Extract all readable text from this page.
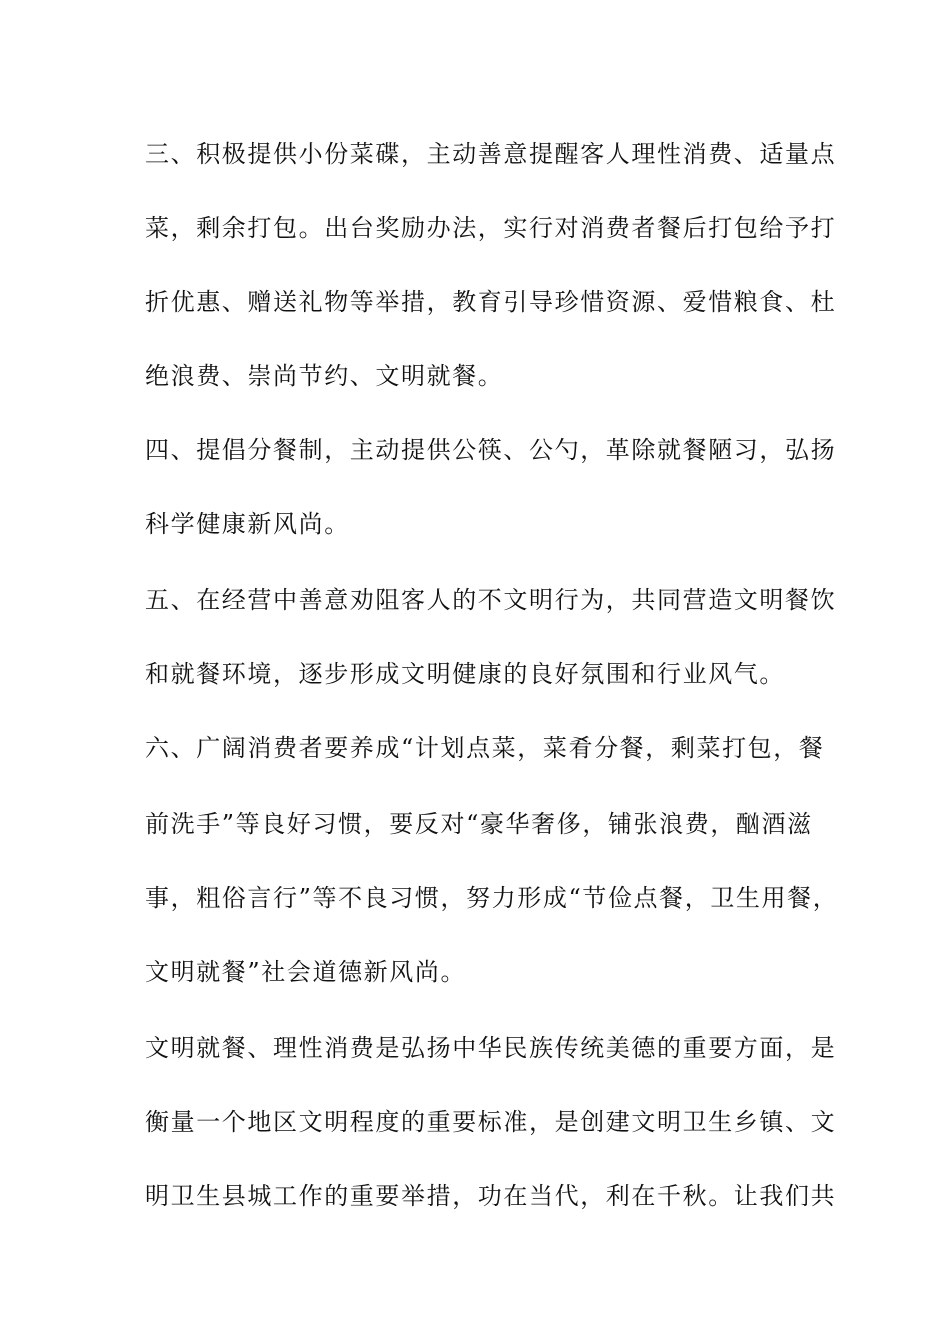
三、积极提供小份菜碟，主动善意提醒客人理性消费、适量点

菜，剩余打包。出台奖励办法，实行对消费者餐后打包给予打

折优惠、赠送礼物等举措，教育引导珍惜资源、爱惜粮食、杜

绝浪费、崇尚节约、文明就餐。

四、提倡分餐制，主动提供公筷、公勺，革除就餐陋习，弘扬

科学健康新风尚。

五、在经营中善意劝阻客人的不文明行为，共同营造文明餐饮

和就餐环境，逐步形成文明健康的良好氛围和行业风气。

六、广阔消费者要养成“计划点菜，菜肴分餐，剩菜打包，餐

前洗手”等良好习惯，要反对“豪华奢侈，铺张浪费，酗酒滋

事，粗俗言行”等不良习惯，努力形成“节俭点餐，卫生用餐，

文明就餐”社会道德新风尚。

文明就餐、理性消费是弘扬中华民族传统美德的重要方面，是

衡量一个地区文明程度的重要标准，是创建文明卫生乡镇、文

明卫生县城工作的重要举措，功在当代，利在千秋。让我们共
